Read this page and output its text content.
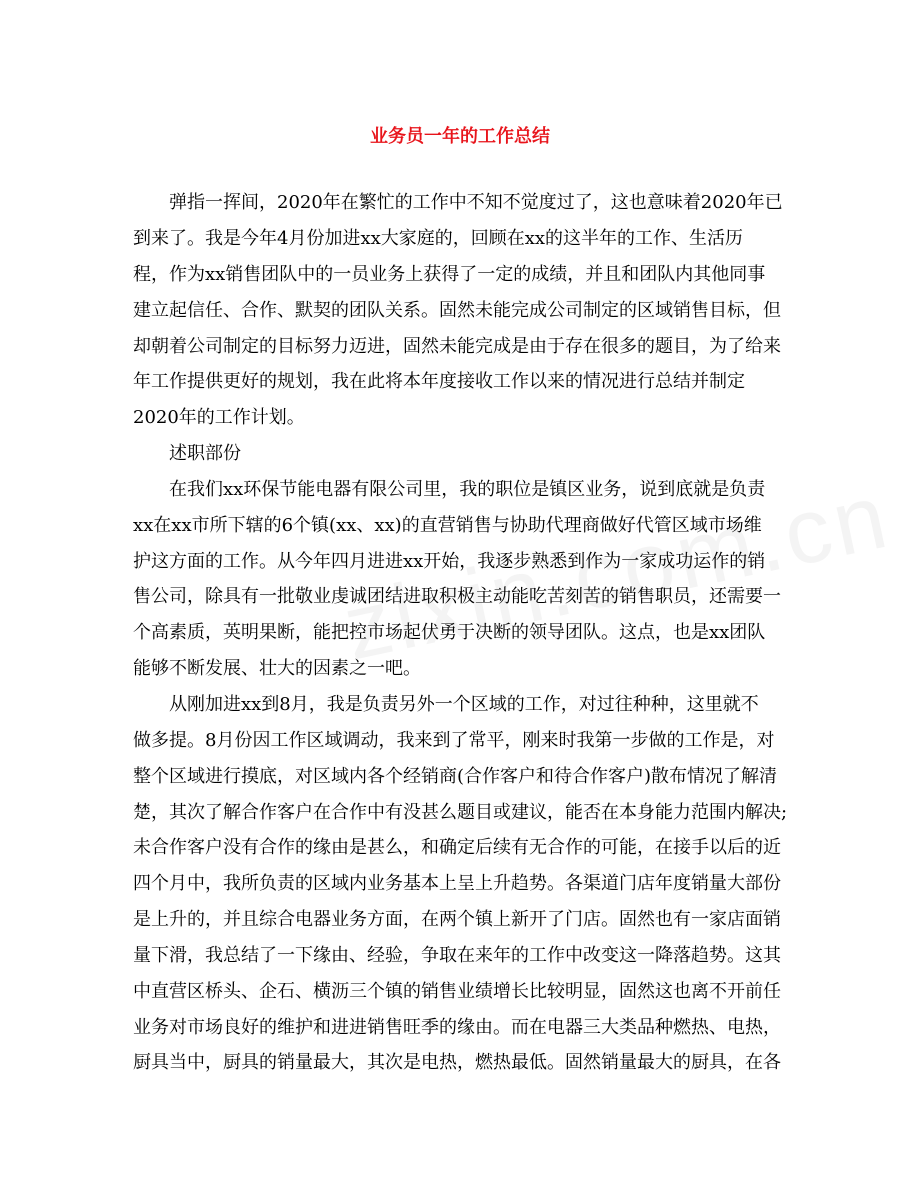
业务员一年的工作总结
弹指一挥间，2020年在繁忙的工作中不知不觉度过了，这也意味着2020年已
到来了。我是今年4月份加进xx大家庭的，回顾在xx的这半年的工作、生活历
程，作为xx销售团队中的一员业务上获得了一定的成绩，并且和团队内其他同事
建立起信任、合作、默契的团队关系。固然未能完成公司制定的区域销售目标，但
却朝着公司制定的目标努力迈进，固然未能完成是由于存在很多的题目，为了给来
年工作提供更好的规划，我在此将本年度接收工作以来的情况进行总结并制定
2020年的工作计划。
述职部份
在我们xx环保节能电器有限公司里，我的职位是镇区业务，说到底就是负责
xx在xx市所下辖的6个镇(xx、xx)的直营销售与协助代理商做好代管区域市场维
护这方面的工作。从今年四月进进xx开始，我逐步熟悉到作为一家成功运作的销
售公司，除具有一批敬业虔诚团结进取积极主动能吃苦刻苦的销售职员，还需要一
个高素质，英明果断，能把控市场起伏勇于决断的领导团队。这点，也是xx团队
能够不断发展、壮大的因素之一吧。
从刚加进xx到8月，我是负责另外一个区域的工作，对过往种种，这里就不
做多提。8月份因工作区域调动，我来到了常平，刚来时我第一步做的工作是，对
整个区域进行摸底，对区域内各个经销商(合作客户和待合作客户)散布情况了解清
楚，其次了解合作客户在合作中有没甚么题目或建议，能否在本身能力范围内解决;
未合作客户没有合作的缘由是甚么，和确定后续有无合作的可能，在接手以后的近
四个月中，我所负责的区域内业务基本上呈上升趋势。各渠道门店年度销量大部份
是上升的，并且综合电器业务方面，在两个镇上新开了门店。固然也有一家店面销
量下滑，我总结了一下缘由、经验，争取在来年的工作中改变这一降落趋势。这其
中直营区桥头、企石、横沥三个镇的销售业绩增长比较明显，固然这也离不开前任
业务对市场良好的维护和进进销售旺季的缘由。而在电器三大类品种燃热、电热，
厨具当中，厨具的销量最大，其次是电热，燃热最低。固然销量最大的厨具，在各
